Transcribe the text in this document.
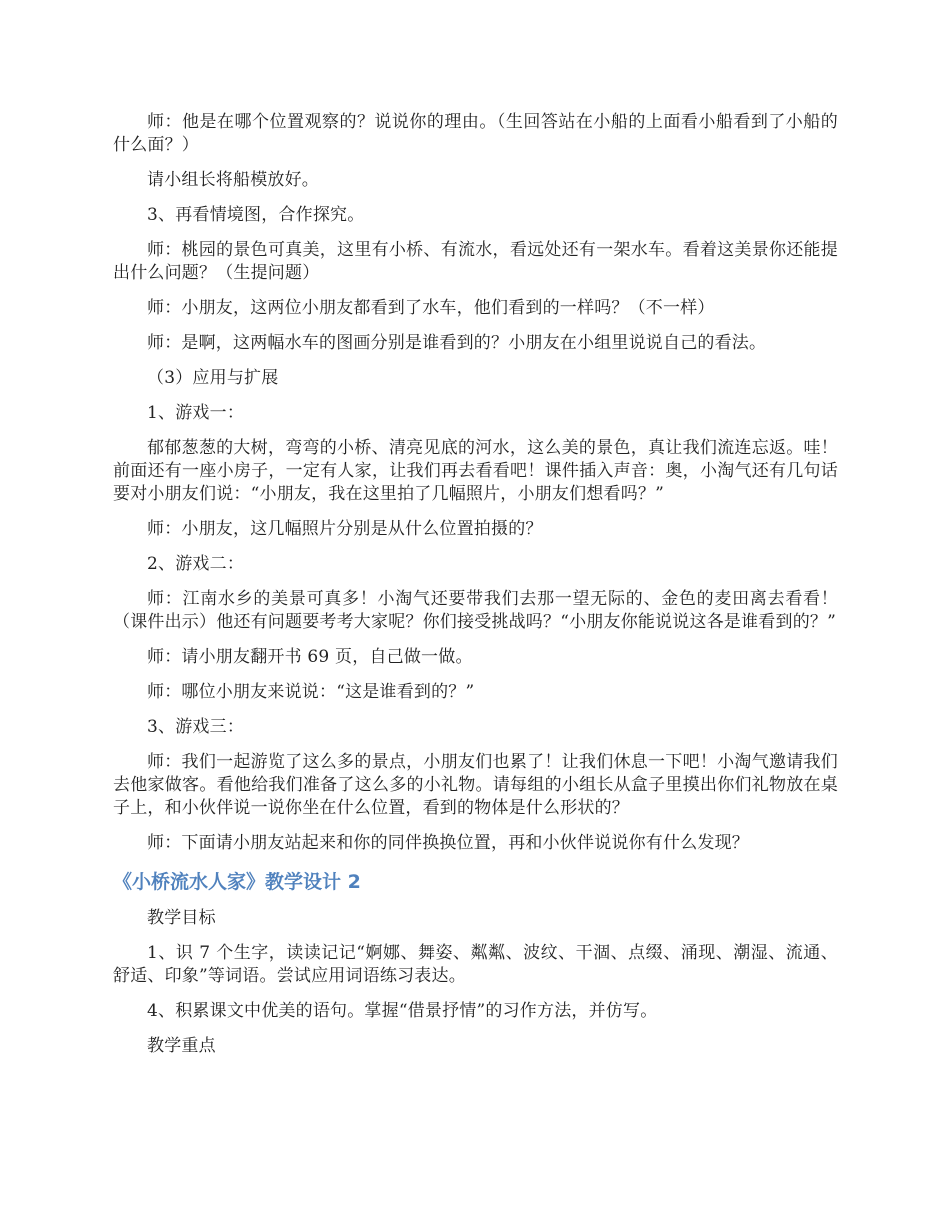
师：他是在哪个位置观察的？说说你的理由。（生回答站在小船的上面看小船看到了小船的什么面？）

请小组长将船模放好。

3、再看情境图，合作探究。

师：桃园的景色可真美，这里有小桥、有流水，看远处还有一架水车。看着这美景你还能提出什么问题？（生提问题）

师：小朋友，这两位小朋友都看到了水车，他们看到的一样吗？（不一样）

师：是啊，这两幅水车的图画分别是谁看到的？小朋友在小组里说说自己的看法。

（3）应用与扩展

1、游戏一：

郁郁葱葱的大树，弯弯的小桥、清亮见底的河水，这么美的景色，真让我们流连忘返。哇！前面还有一座小房子，一定有人家，让我们再去看看吧！课件插入声音：奥，小淘气还有几句话要对小朋友们说：“小朋友，我在这里拍了几幅照片，小朋友们想看吗？”

师：小朋友，这几幅照片分别是从什么位置拍摄的？

2、游戏二：

师：江南水乡的美景可真多！小淘气还要带我们去那一望无际的、金色的麦田离去看看！（课件出示）他还有问题要考考大家呢？你们接受挑战吗？“小朋友你能说说这各是谁看到的？”

师：请小朋友翻开书 69 页，自己做一做。

师：哪位小朋友来说说：“这是谁看到的？”

3、游戏三：

师：我们一起游览了这么多的景点，小朋友们也累了！让我们休息一下吧！小淘气邀请我们去他家做客。看他给我们准备了这么多的小礼物。请每组的小组长从盒子里摸出你们礼物放在桌子上，和小伙伴说一说你坐在什么位置，看到的物体是什么形状的？

师：下面请小朋友站起来和你的同伴换换位置，再和小伙伴说说你有什么发现？

《小桥流水人家》教学设计 2

教学目标

1、识 7 个生字，读读记记“婀娜、舞姿、粼粼、波纹、干涸、点缀、涌现、潮湿、流通、舒适、印象”等词语。尝试应用词语练习表达。

4、积累课文中优美的语句。掌握“借景抒情”的习作方法，并仿写。

教学重点
